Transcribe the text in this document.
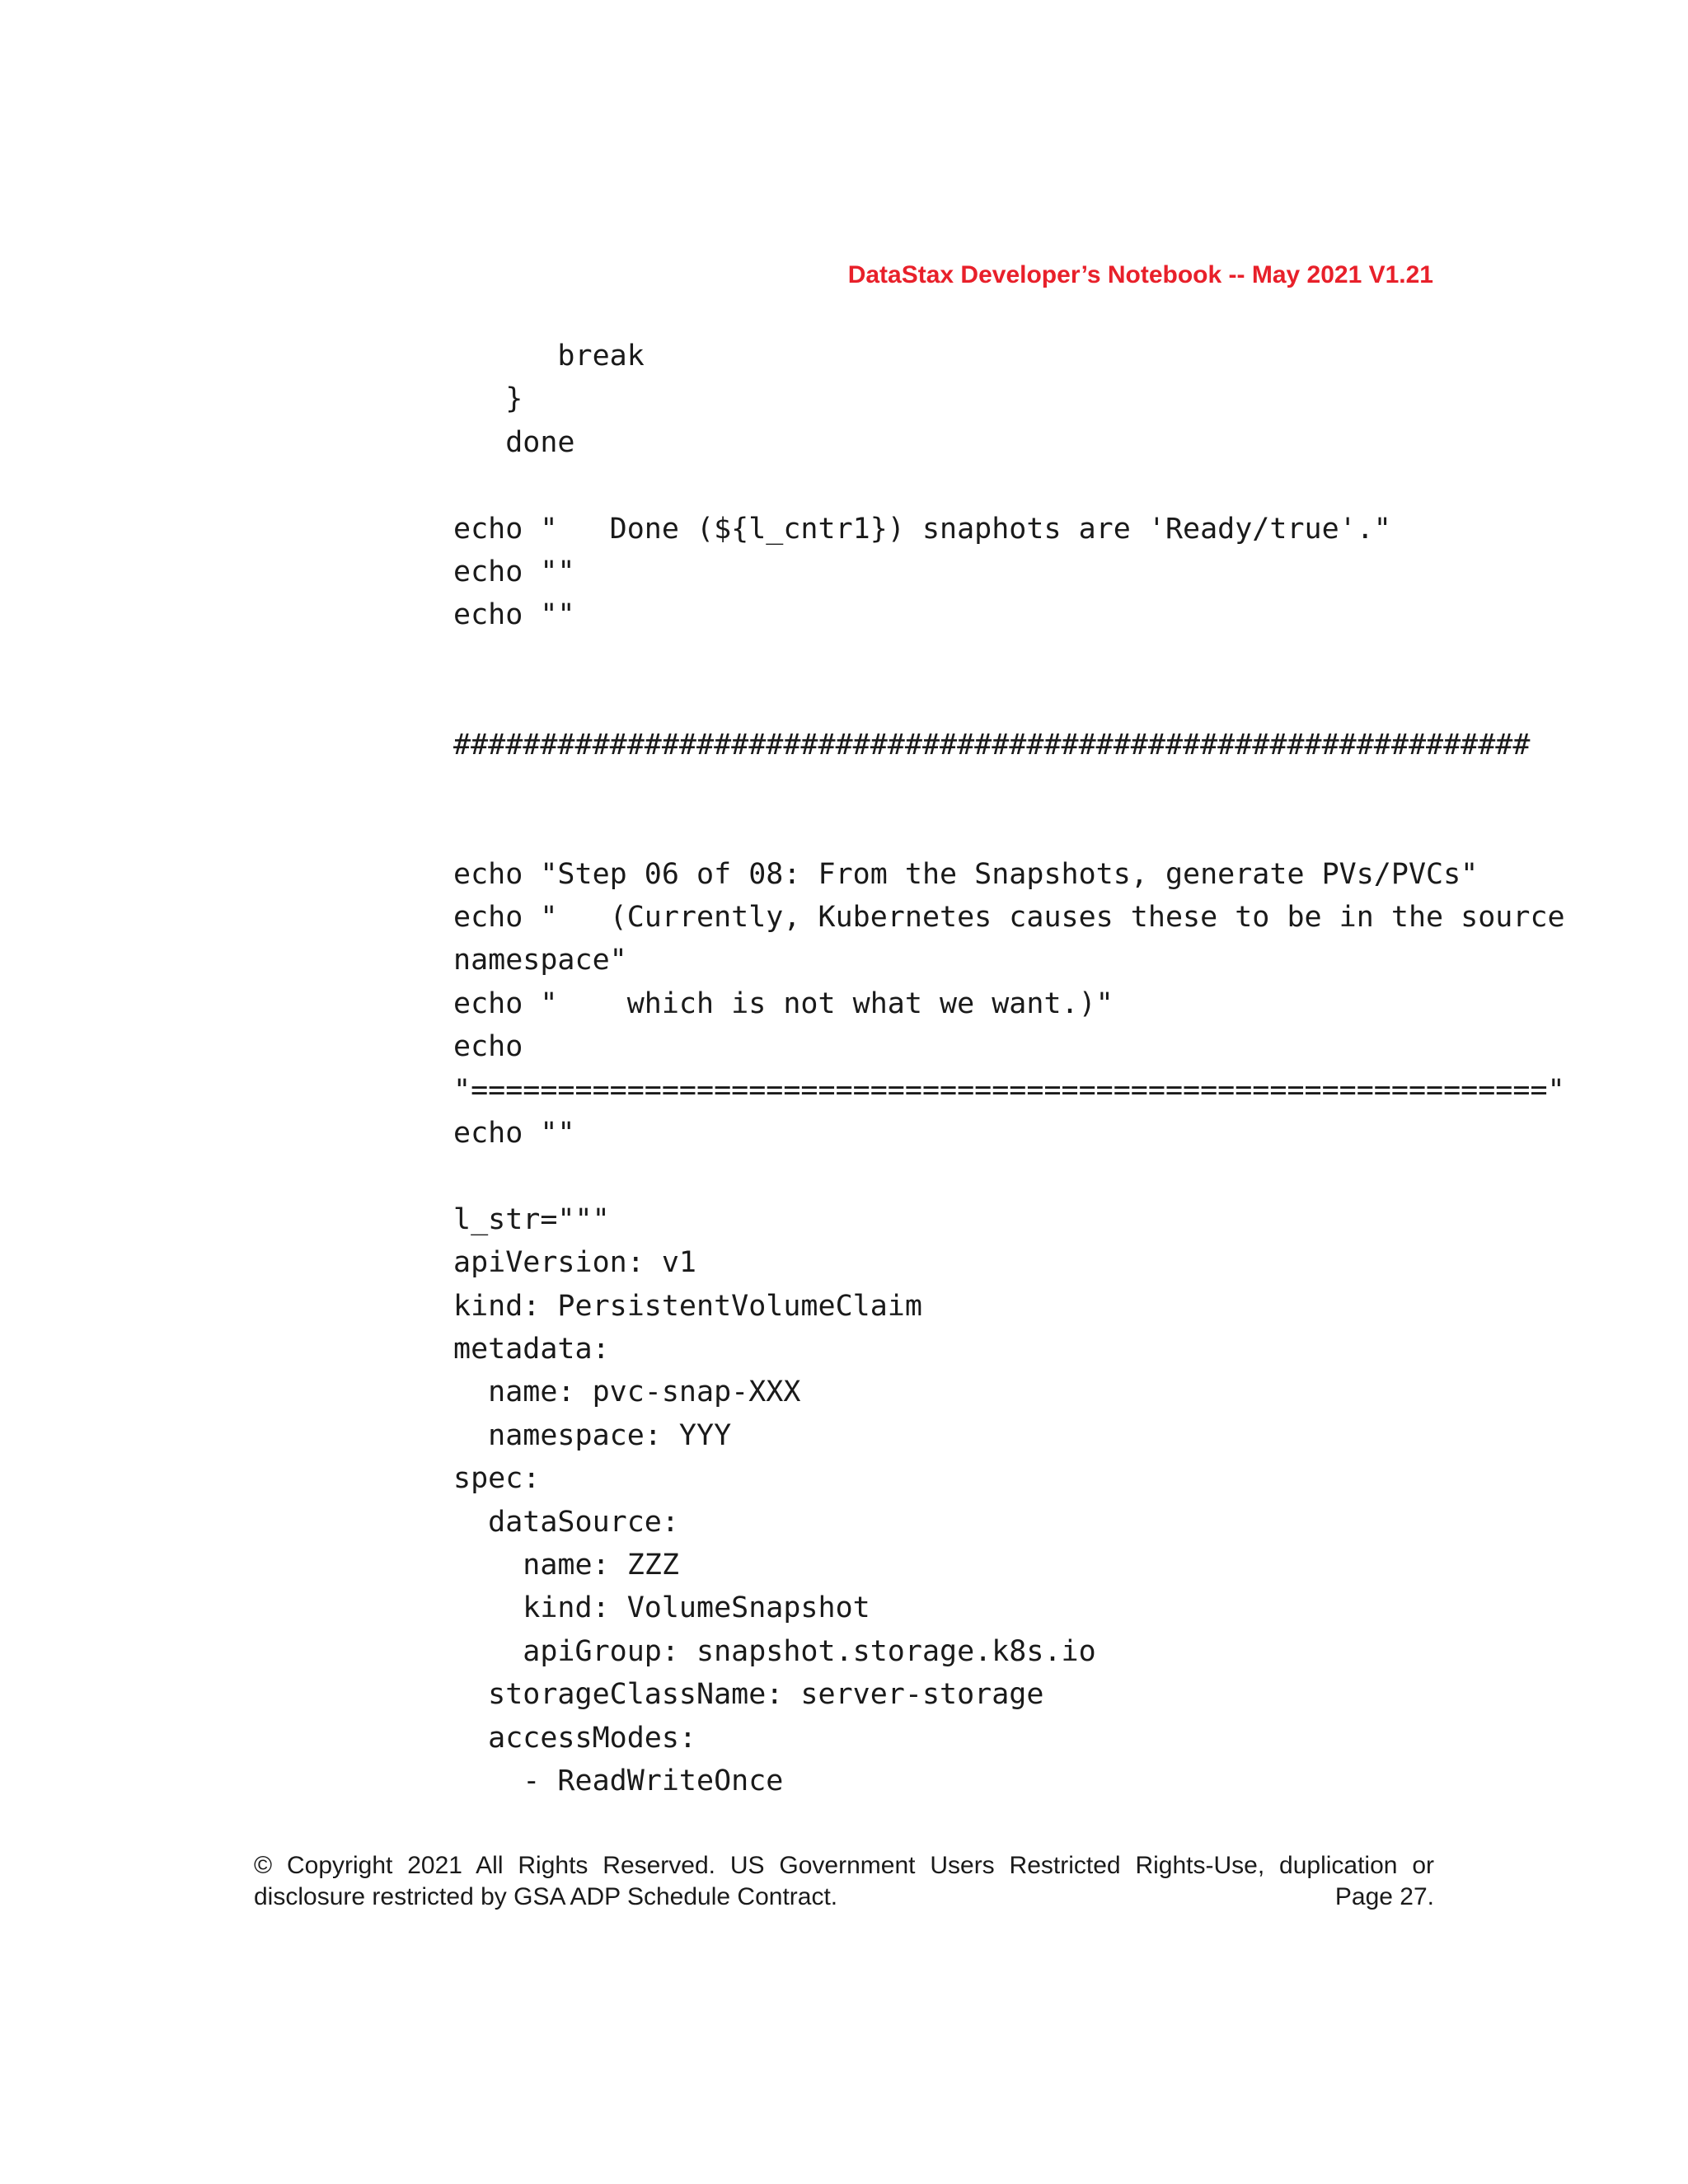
DataStax Developer’s Notebook -- May 2021 V1.21
break
}
done
echo "   Done (${l_cntr1}) snaphots are 'Ready/true'."
echo ""
echo ""
##############################################################
echo "Step 06 of 08: From the Snapshots, generate PVs/PVCs"
echo "   (Currently, Kubernetes causes these to be in the source
namespace"
echo "    which is not what we want.)"
echo
"=============================================================="
echo ""
l_str="""
apiVersion: v1
kind: PersistentVolumeClaim
metadata:
name: pvc-snap-XXX
namespace: YYY
spec:
dataSource:
name: ZZZ
kind: VolumeSnapshot
apiGroup: snapshot.storage.k8s.io
storageClassName: server-storage
accessModes:
- ReadWriteOnce
© Copyright 2021 All Rights Reserved. US Government Users Restricted Rights-Use, duplication or
disclosure restricted by GSA ADP Schedule Contract.	Page 27.
